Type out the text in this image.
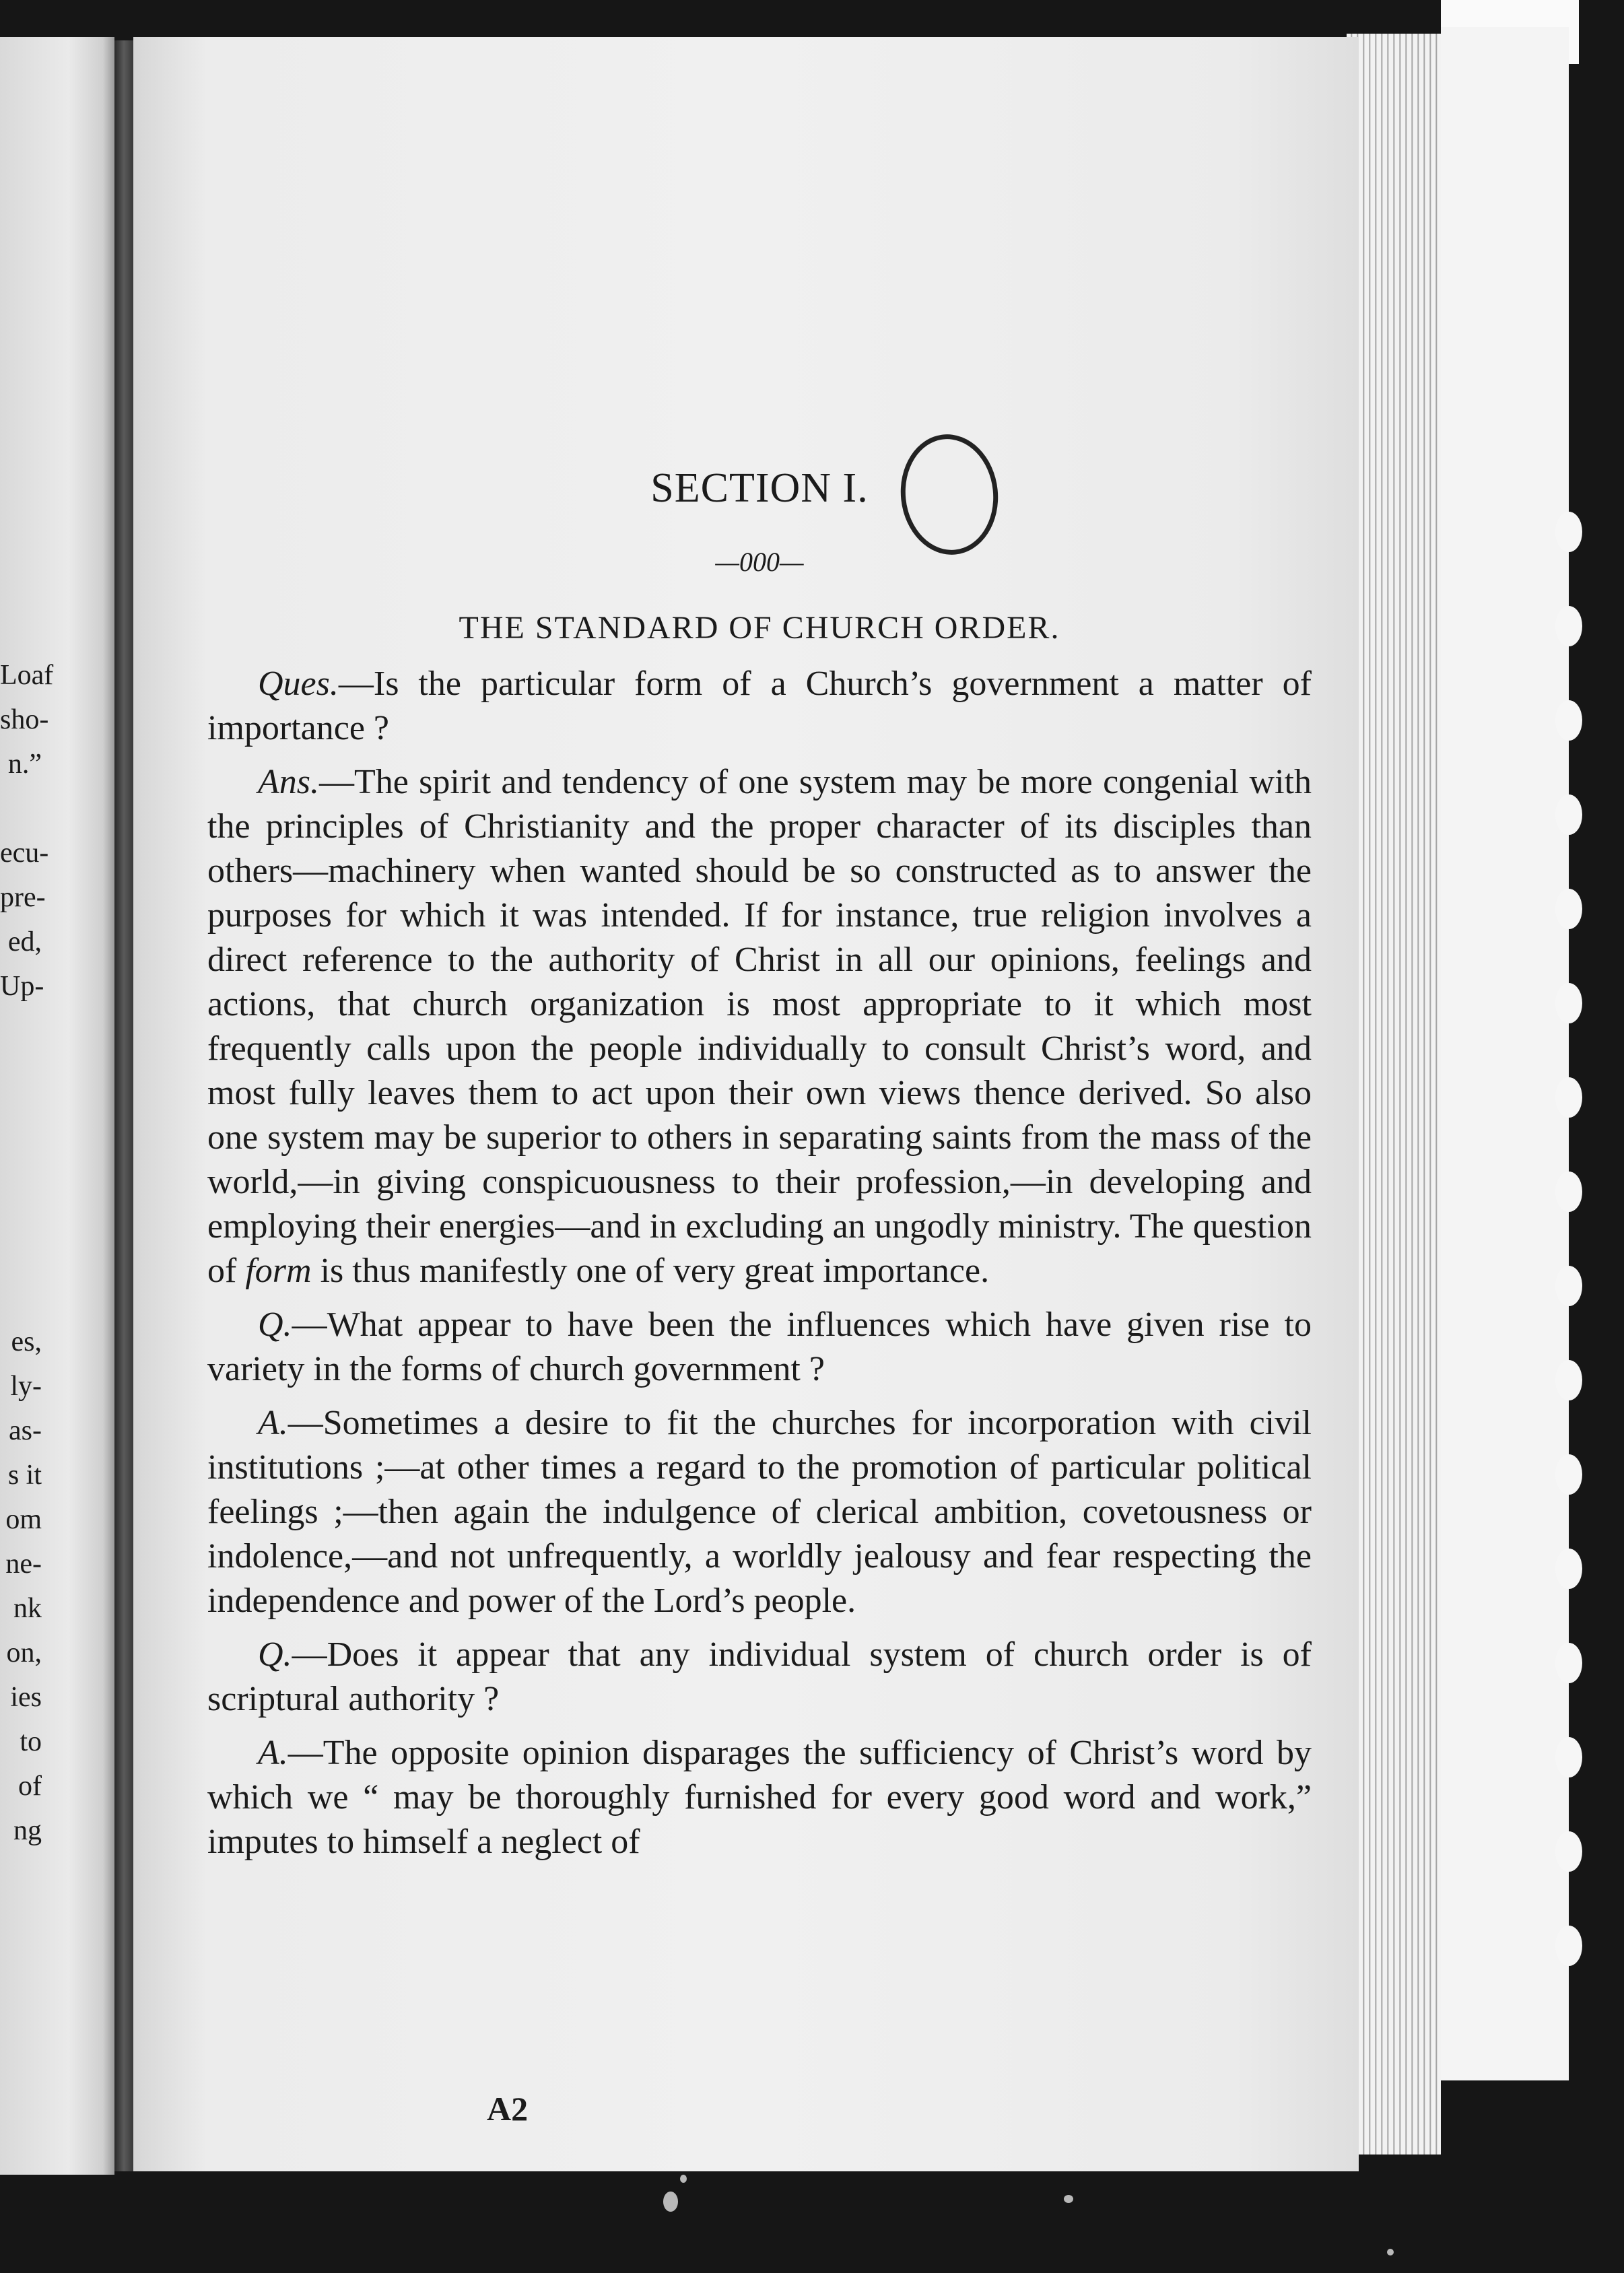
Loaf
sho-
n.”

ecu-
pre-
ed,
Up-

es,
ly-
as-
s it
om
ne-
nk
on,
ies
to
of
ng
SECTION I.
—000—
THE STANDARD OF CHURCH ORDER.

Ques.—Is the particular form of a Church’s government a matter of importance ?

Ans.—The spirit and tendency of one system may be more congenial with the principles of Christianity and the proper character of its disciples than others—machinery when wanted should be so constructed as to answer the purposes for which it was intended. If for instance, true religion involves a direct reference to the authority of Christ in all our opinions, feelings and actions, that church organization is most appropriate to it which most frequently calls upon the people individually to consult Christ’s word, and most fully leaves them to act upon their own views thence derived. So also one system may be superior to others in separating saints from the mass of the world,—in giving conspicuousness to their profession,—in developing and employing their energies—and in excluding an ungodly ministry. The question of form is thus manifestly one of very great importance.

Q.—What appear to have been the influences which have given rise to variety in the forms of church government ?

A.—Sometimes a desire to fit the churches for incorporation with civil institutions ;—at other times a regard to the promotion of particular political feelings ;—then again the indulgence of clerical ambition, covetousness or indolence,—and not unfrequently, a worldly jealousy and fear respecting the independence and power of the Lord’s people.

Q.—Does it appear that any individual system of church order is of scriptural authority ?

A.—The opposite opinion disparages the sufficiency of Christ’s word by which we “ may be thoroughly furnished for every good word and work,” imputes to himself a neglect of

A2
